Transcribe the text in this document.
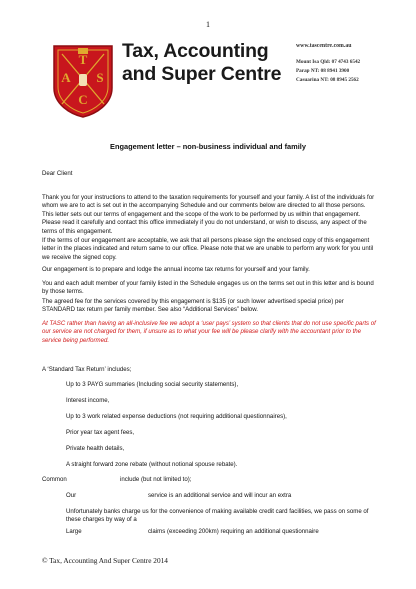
1
T
A S
C
Tax, Accounting
and Super Centre
www.tascentre.com.au
Mount Isa Qld: 07 4743 6542
Parap NT: 08 8941 3900
Casuarina NT: 08 8945 2562
Engagement letter – non-business individual and family
Dear Client
Thank you for your instructions to attend to the taxation requirements for yourself and your family. A list of the individuals for whom we are to act is set out in the accompanying Schedule and our comments below are directed to all those persons. This letter sets out our terms of engagement and the scope of the work to be performed by us within that engagement. Please read it carefully and contact this office immediately if you do not understand, or wish to discuss, any aspect of the terms of this engagement.
If the terms of our engagement are acceptable, we ask that all persons please sign the enclosed copy of this engagement letter in the places indicated and return same to our office. Please note that we are unable to perform any work for you until we receive the signed copy.
Our engagement is to prepare and lodge the annual income tax returns for yourself and your family.
You and each adult member of your family listed in the Schedule engages us on the terms set out in this letter and is bound by those terms.
The agreed fee for the services covered by this engagement is $135 (or such lower advertised special price) per STANDARD tax return per family member. See also “Additional Services” below.
At TASC rather than having an all-inclusive fee we adopt a ‘user pays’ system so that clients that do not use specific parts of our service are not charged for them, if unsure as to what your fee will be please clarify with the accountant prior to the service being performed.
A ‘Standard Tax Return’ includes;
Up to 3 PAYG summaries (Including social security statements),
Interest income,
Up to 3 work related expense deductions (not requiring additional questionnaires),
Prior year tax agent fees,
Private health details,
A straight forward zone rebate (without notional spouse rebate).
Common	include (but not limited to);
Our	service is an additional service and will incur an extra
Unfortunately banks charge us for the convenience of making available credit card facilities, we pass on some of these charges by way of a
Large	claims (exceeding 200km) requiring an additional questionnaire
© Tax, Accounting And Super Centre 2014
